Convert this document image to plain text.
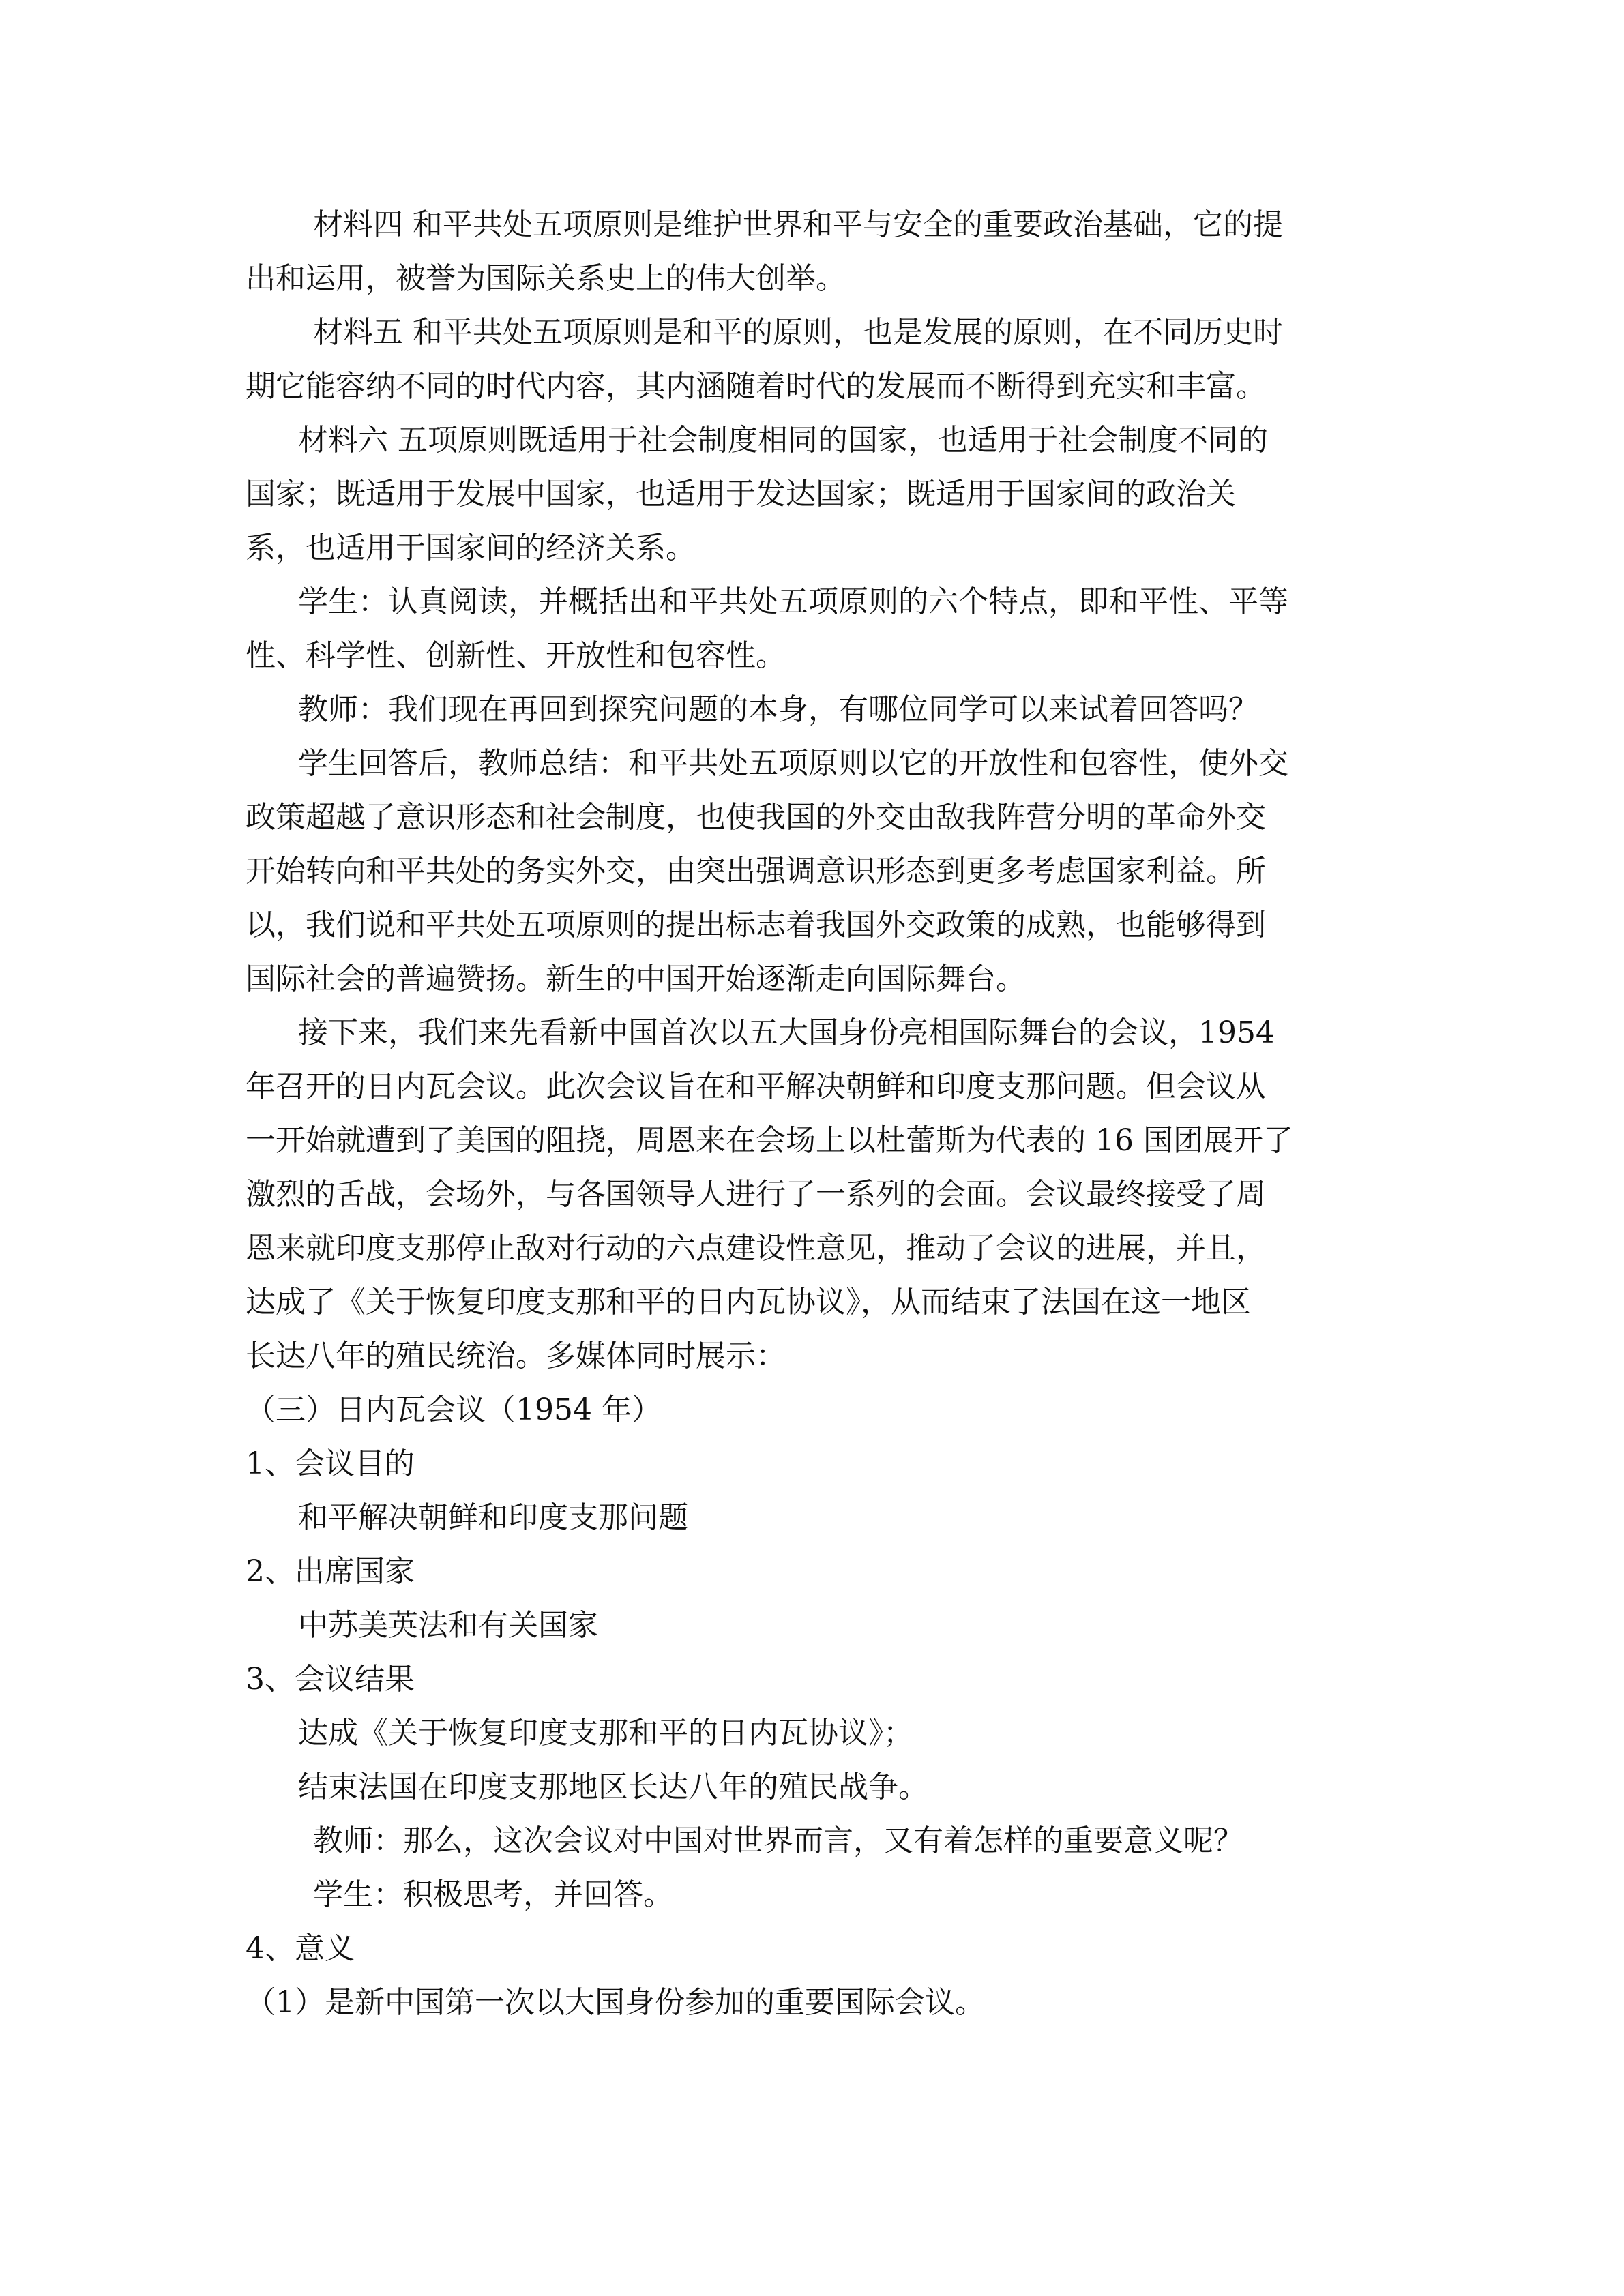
材料四 和平共处五项原则是维护世界和平与安全的重要政治基础，它的提
出和运用，被誉为国际关系史上的伟大创举。
材料五 和平共处五项原则是和平的原则，也是发展的原则，在不同历史时
期它能容纳不同的时代内容，其内涵随着时代的发展而不断得到充实和丰富。
材料六 五项原则既适用于社会制度相同的国家，也适用于社会制度不同的
国家；既适用于发展中国家，也适用于发达国家；既适用于国家间的政治关
系，也适用于国家间的经济关系。
学生：认真阅读，并概括出和平共处五项原则的六个特点，即和平性、平等
性、科学性、创新性、开放性和包容性。
教师：我们现在再回到探究问题的本身，有哪位同学可以来试着回答吗？
学生回答后，教师总结：和平共处五项原则以它的开放性和包容性，使外交
政策超越了意识形态和社会制度，也使我国的外交由敌我阵营分明的革命外交
开始转向和平共处的务实外交，由突出强调意识形态到更多考虑国家利益。所
以，我们说和平共处五项原则的提出标志着我国外交政策的成熟，也能够得到
国际社会的普遍赞扬。新生的中国开始逐渐走向国际舞台。
接下来，我们来先看新中国首次以五大国身份亮相国际舞台的会议，1954
年召开的日内瓦会议。此次会议旨在和平解决朝鲜和印度支那问题。但会议从
一开始就遭到了美国的阻挠，周恩来在会场上以杜蕾斯为代表的 16 国团展开了
激烈的舌战，会场外，与各国领导人进行了一系列的会面。会议最终接受了周
恩来就印度支那停止敌对行动的六点建设性意见，推动了会议的进展，并且，
达成了《关于恢复印度支那和平的日内瓦协议》，从而结束了法国在这一地区
长达八年的殖民统治。多媒体同时展示：
（三）日内瓦会议（1954 年）
1、会议目的
和平解决朝鲜和印度支那问题
2、出席国家
中苏美英法和有关国家
3、会议结果
达成《关于恢复印度支那和平的日内瓦协议》；
结束法国在印度支那地区长达八年的殖民战争。
教师：那么，这次会议对中国对世界而言，又有着怎样的重要意义呢？
学生：积极思考，并回答。
4、意义
（1）是新中国第一次以大国身份参加的重要国际会议。
